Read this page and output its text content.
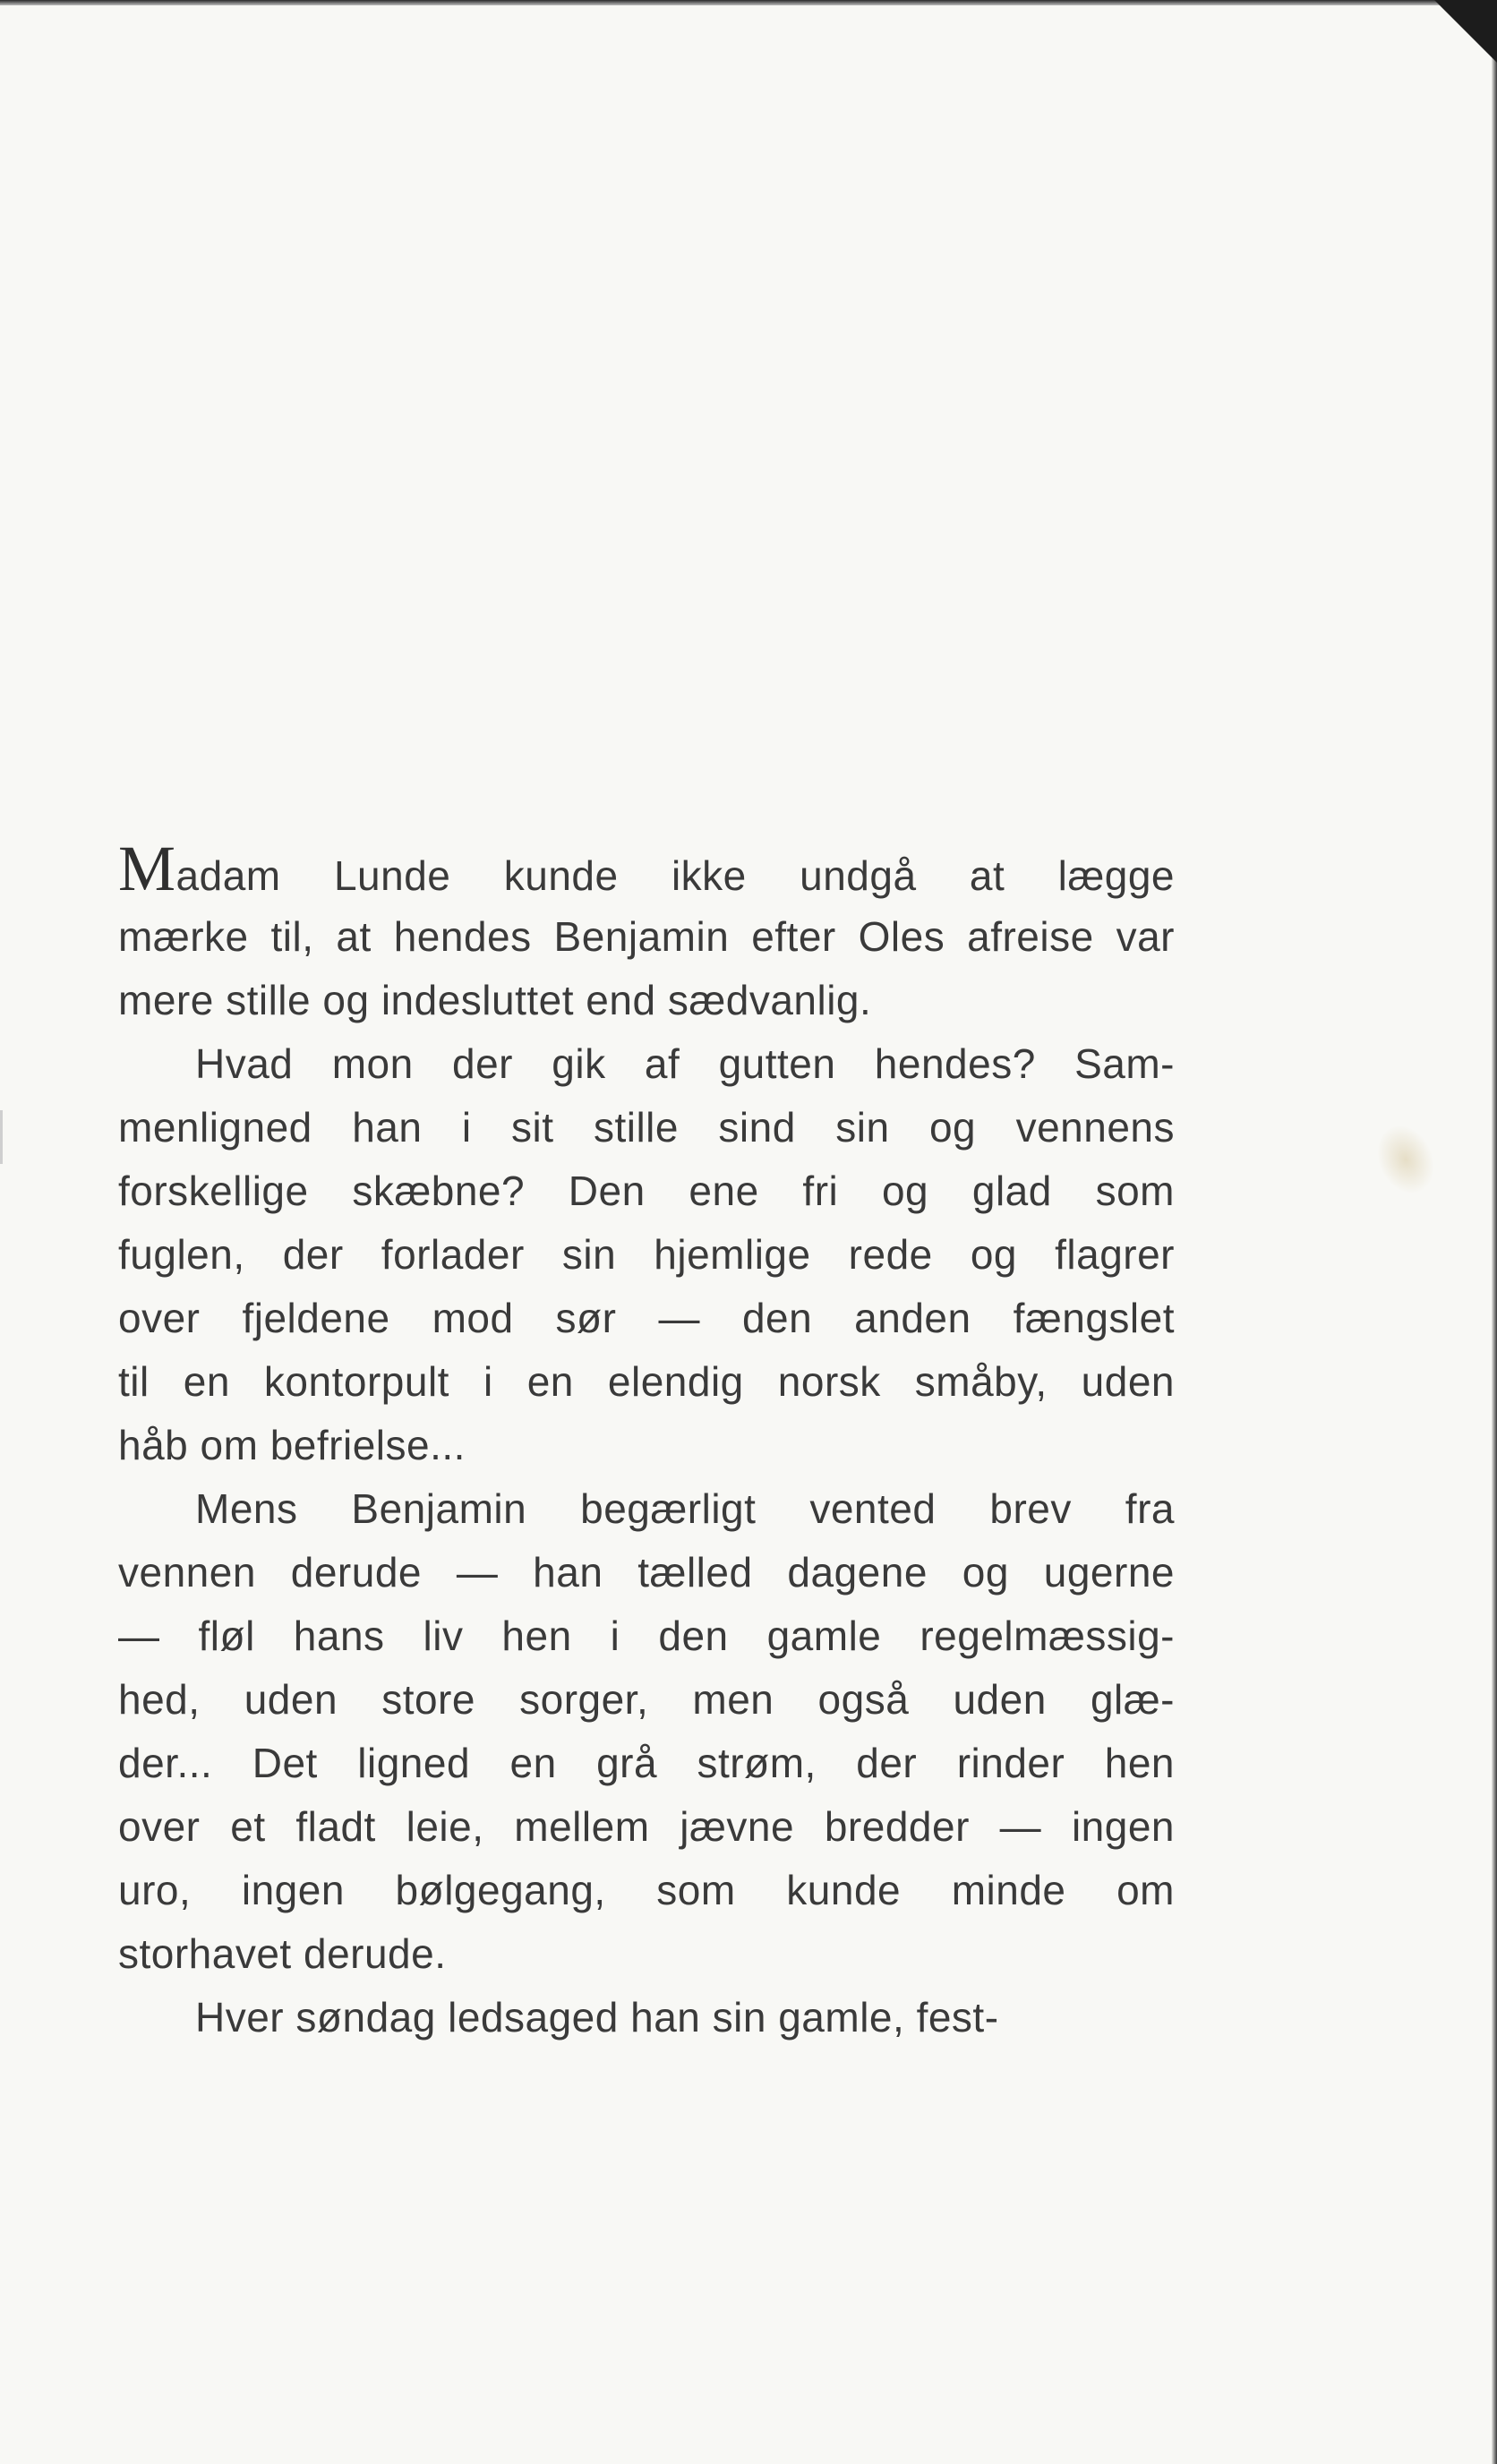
Madam Lunde kunde ikke undgå at lægge
mærke til, at hendes Benjamin efter Oles afreise var
mere stille og indesluttet end sædvanlig.
Hvad mon der gik af gutten hendes? Sam-
menligned han i sit stille sind sin og vennens
forskellige skæbne? Den ene fri og glad som
fuglen, der forlader sin hjemlige rede og flagrer
over fjeldene mod sør — den anden fængslet
til en kontorpult i en elendig norsk småby, uden
håb om befrielse...
Mens Benjamin begærligt vented brev fra
vennen derude — han tælled dagene og ugerne
— fløl hans liv hen i den gamle regelmæssig-
hed, uden store sorger, men også uden glæ-
der... Det ligned en grå strøm, der rinder hen
over et fladt leie, mellem jævne bredder — ingen
uro, ingen bølgegang, som kunde minde om
storhavet derude.
Hver søndag ledsaged han sin gamle, fest-
